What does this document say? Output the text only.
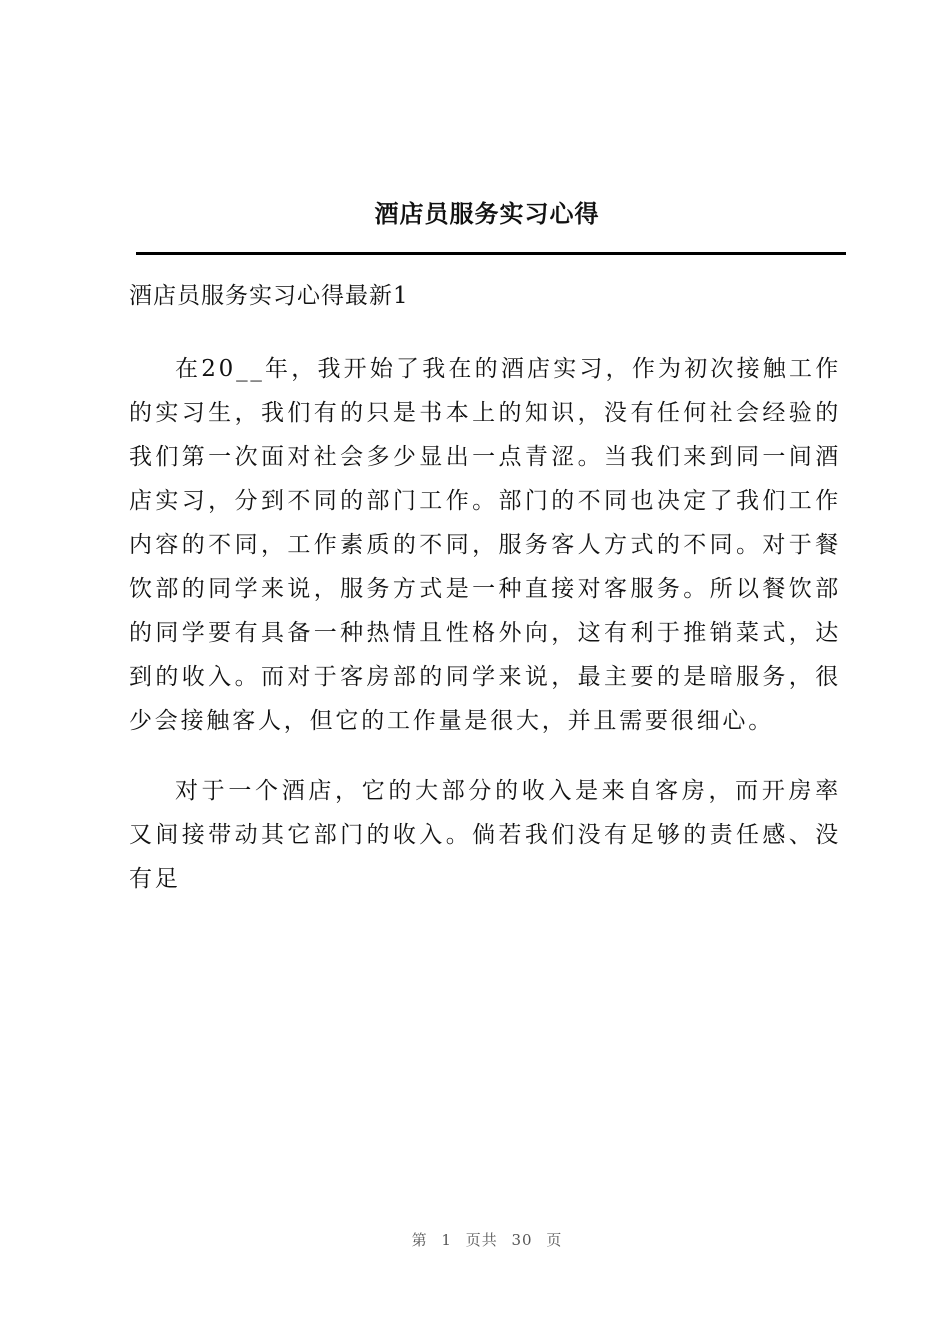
酒店员服务实习心得
酒店员服务实习心得最新1

在20__年，我开始了我在的酒店实习，作为初次接触工作的实习生，我们有的只是书本上的知识，没有任何社会经验的我们第一次面对社会多少显出一点青涩。当我们来到同一间酒店实习，分到不同的部门工作。部门的不同也决定了我们工作内容的不同，工作素质的不同，服务客人方式的不同。对于餐饮部的同学来说，服务方式是一种直接对客服务。所以餐饮部的同学要有具备一种热情且性格外向，这有利于推销菜式，达到的收入。而对于客房部的同学来说，最主要的是暗服务，很少会接触客人，但它的工作量是很大，并且需要很细心。

对于一个酒店，它的大部分的收入是来自客房，而开房率又间接带动其它部门的收入。倘若我们没有足够的责任感、没有足

第 1 页共 30 页
